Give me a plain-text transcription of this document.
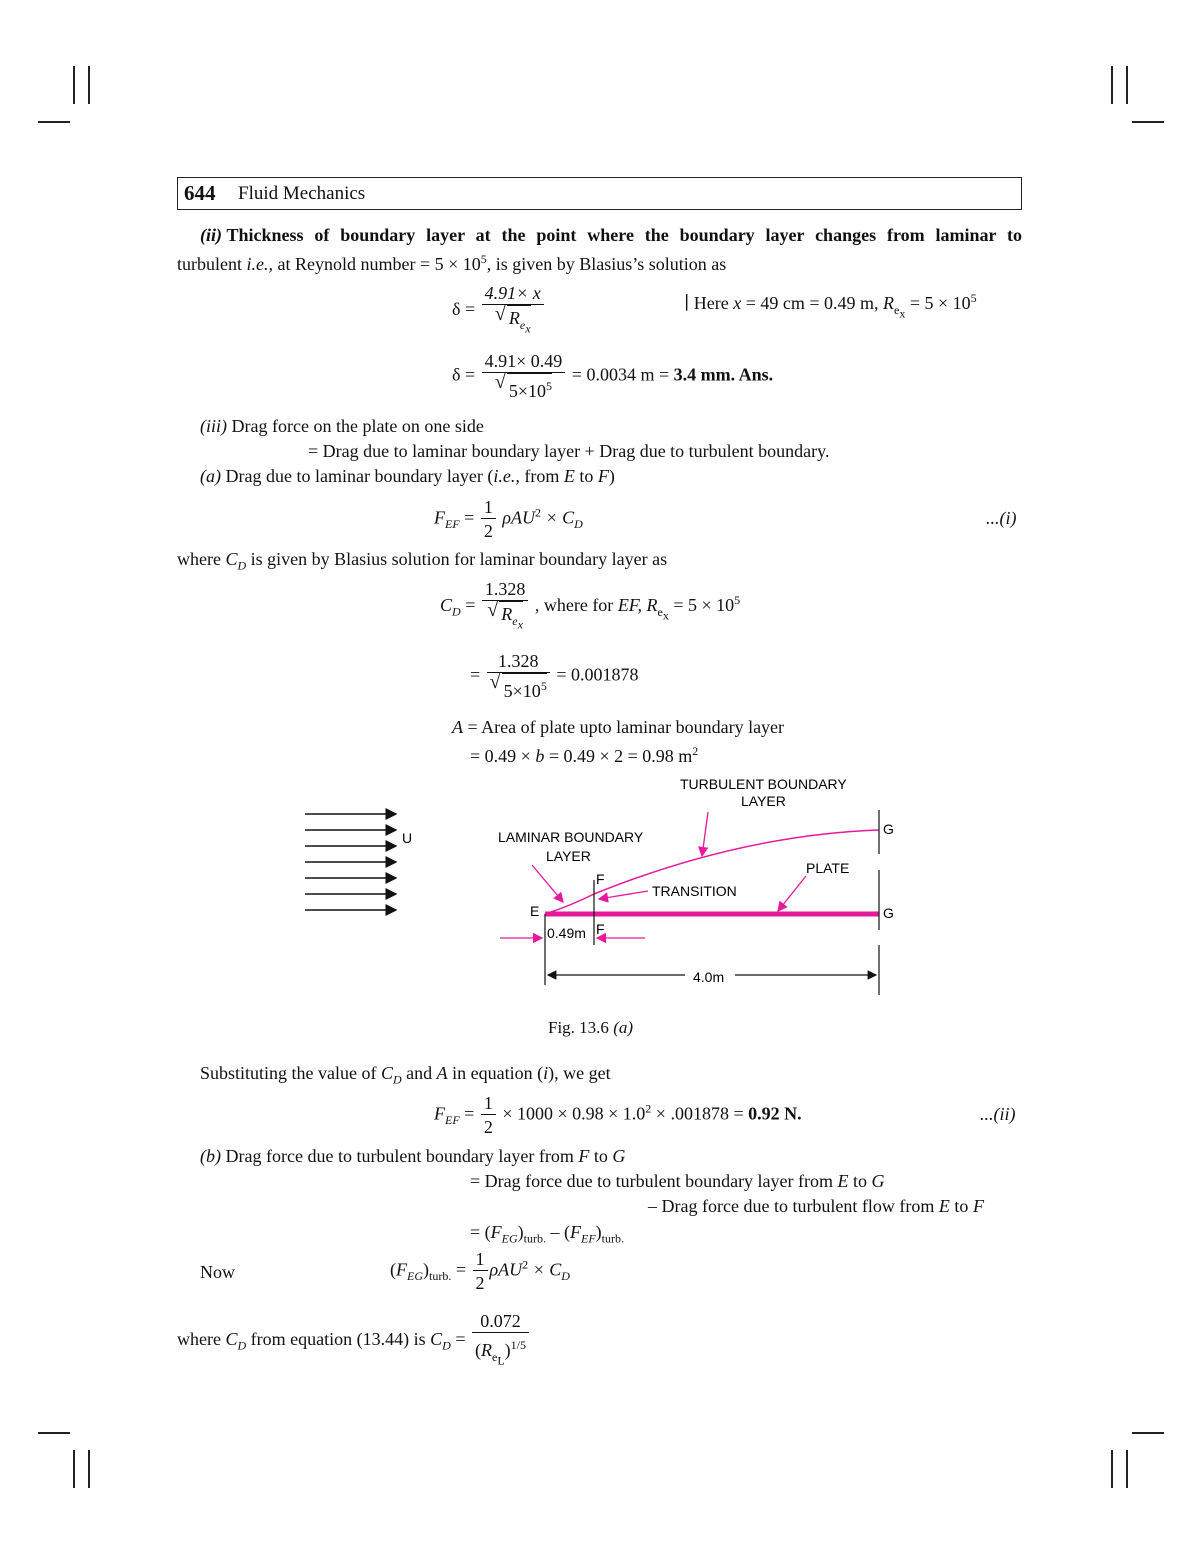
644 Fluid Mechanics
(ii)
Thickness of boundary layer at the point where the boundary layer changes from laminar to
turbulent i.e., at Reynold number = $5 \times 10^5$, is given by Blasius’s solution as
δ = 4.91× x
√ $R_{e_x}$	∣ Here x = 49 cm = 0.49 m, $R_{e_x} = 5 \times 10^5$
δ = 4.91× 0.49
√ $5\times 10^5 = 0.0034$ m = 3.4 mm. Ans.
(iii) Drag force on the plate on one side
= Drag due to laminar boundary layer + Drag due to turbulent boundary.
(a) Drag due to laminar boundary layer (i.e., from E to F)
$F_{EF} = \frac{1}{2} \rho AU^2 \times C_D$	...(i)
where $C_D$ is given by Blasius solution for laminar boundary layer as
$C_D = 1.328$
√ $R_{e_x}$ , where for EF, $R_{e_x} = 5 \times 10^5$
= 1.328
√ $5\times 10^5 = 0.001878$
A = Area of plate upto laminar boundary layer
= 0.49 × b = 0.49 × 2 = 0.98 $m^2$
U
TURBULENT BOUNDARY
LAYER
LAMINAR BOUNDARY
LAYER
TRANSITION
PLATE
E
F
F
G
G
0.49m
4.0m
Fig. 13.6 (a)
Substituting the value of $C_D$ and A in equation (i), we get
$F_{EF} = \frac{1}{2} \times 1000 \times 0.98 \times 1.0^2 \times .001878 = 0.92$ N.	...(ii)
(b) Drag force due to turbulent boundary layer from F to G
= Drag force due to turbulent boundary layer from E to G
– Drag force due to turbulent flow from E to F
= $(F_{EG})_{turb.} - (F_{EF})_{turb.}$
Now	$(F_{EG})_{turb.} = \frac{1}{2} \rho AU^2 \times C_D$
where $C_D$ from equation (13.44) is $C_D = \frac{0.072}{(R_{e_L})^{1/5}}$
